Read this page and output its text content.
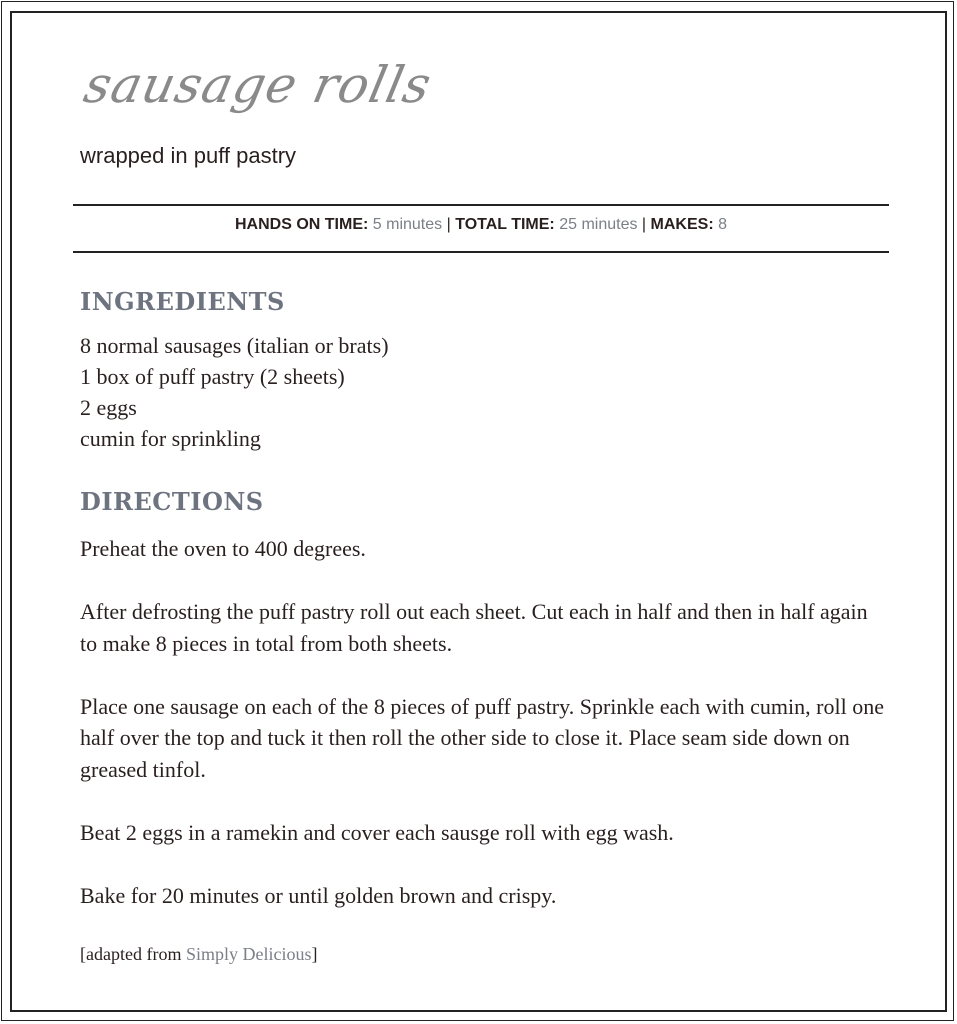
sausage rolls
wrapped in puff pastry
HANDS ON TIME: 5 minutes | TOTAL TIME: 25 minutes | MAKES: 8
INGREDIENTS
8 normal sausages (italian or brats)
1 box of puff pastry (2 sheets)
2 eggs
cumin for sprinkling
DIRECTIONS

Preheat the oven to 400 degrees.

After defrosting the puff pastry roll out each sheet. Cut each in half and then in half again to make 8 pieces in total from both sheets.

Place one sausage on each of the 8 pieces of puff pastry. Sprinkle each with cumin, roll one half over the top and tuck it then roll the other side to close it. Place seam side down on greased tinfol.

Beat 2 eggs in a ramekin and cover each sausge roll with egg wash.

Bake for 20 minutes or until golden brown and crispy.

[adapted from Simply Delicious]
